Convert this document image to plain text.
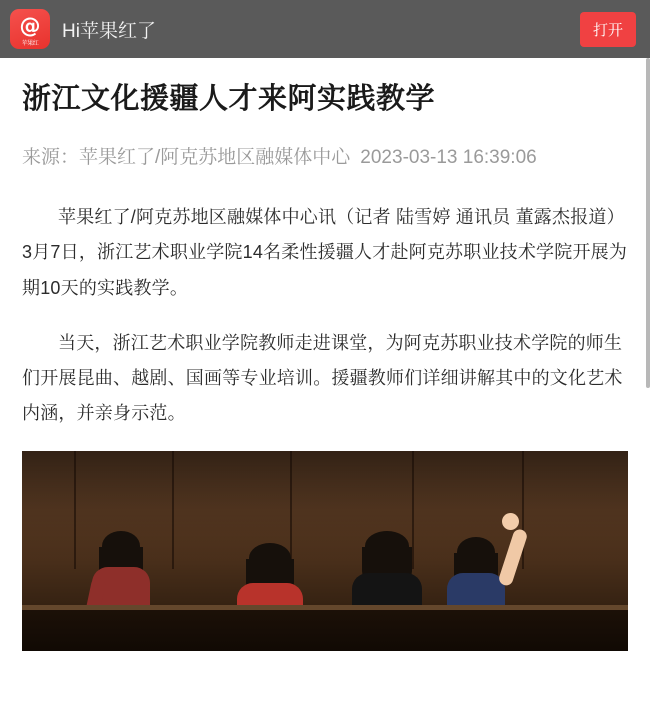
@
苹果红
Hi苹果红了	打开
浙江文化援疆人才来阿实践教学
来源：苹果红了/阿克苏地区融媒体中心 2023-03-13 16:39:06

苹果红了/阿克苏地区融媒体中心讯（记者 陆雪婷 通讯员 董露杰报道）3月7日，浙江艺术职业学院14名柔性援疆人才赴阿克苏职业技术学院开展为期10天的实践教学。

当天，浙江艺术职业学院教师走进课堂，为阿克苏职业技术学院的师生们开展昆曲、越剧、国画等专业培训。援疆教师们详细讲解其中的文化艺术内涵，并亲身示范。
